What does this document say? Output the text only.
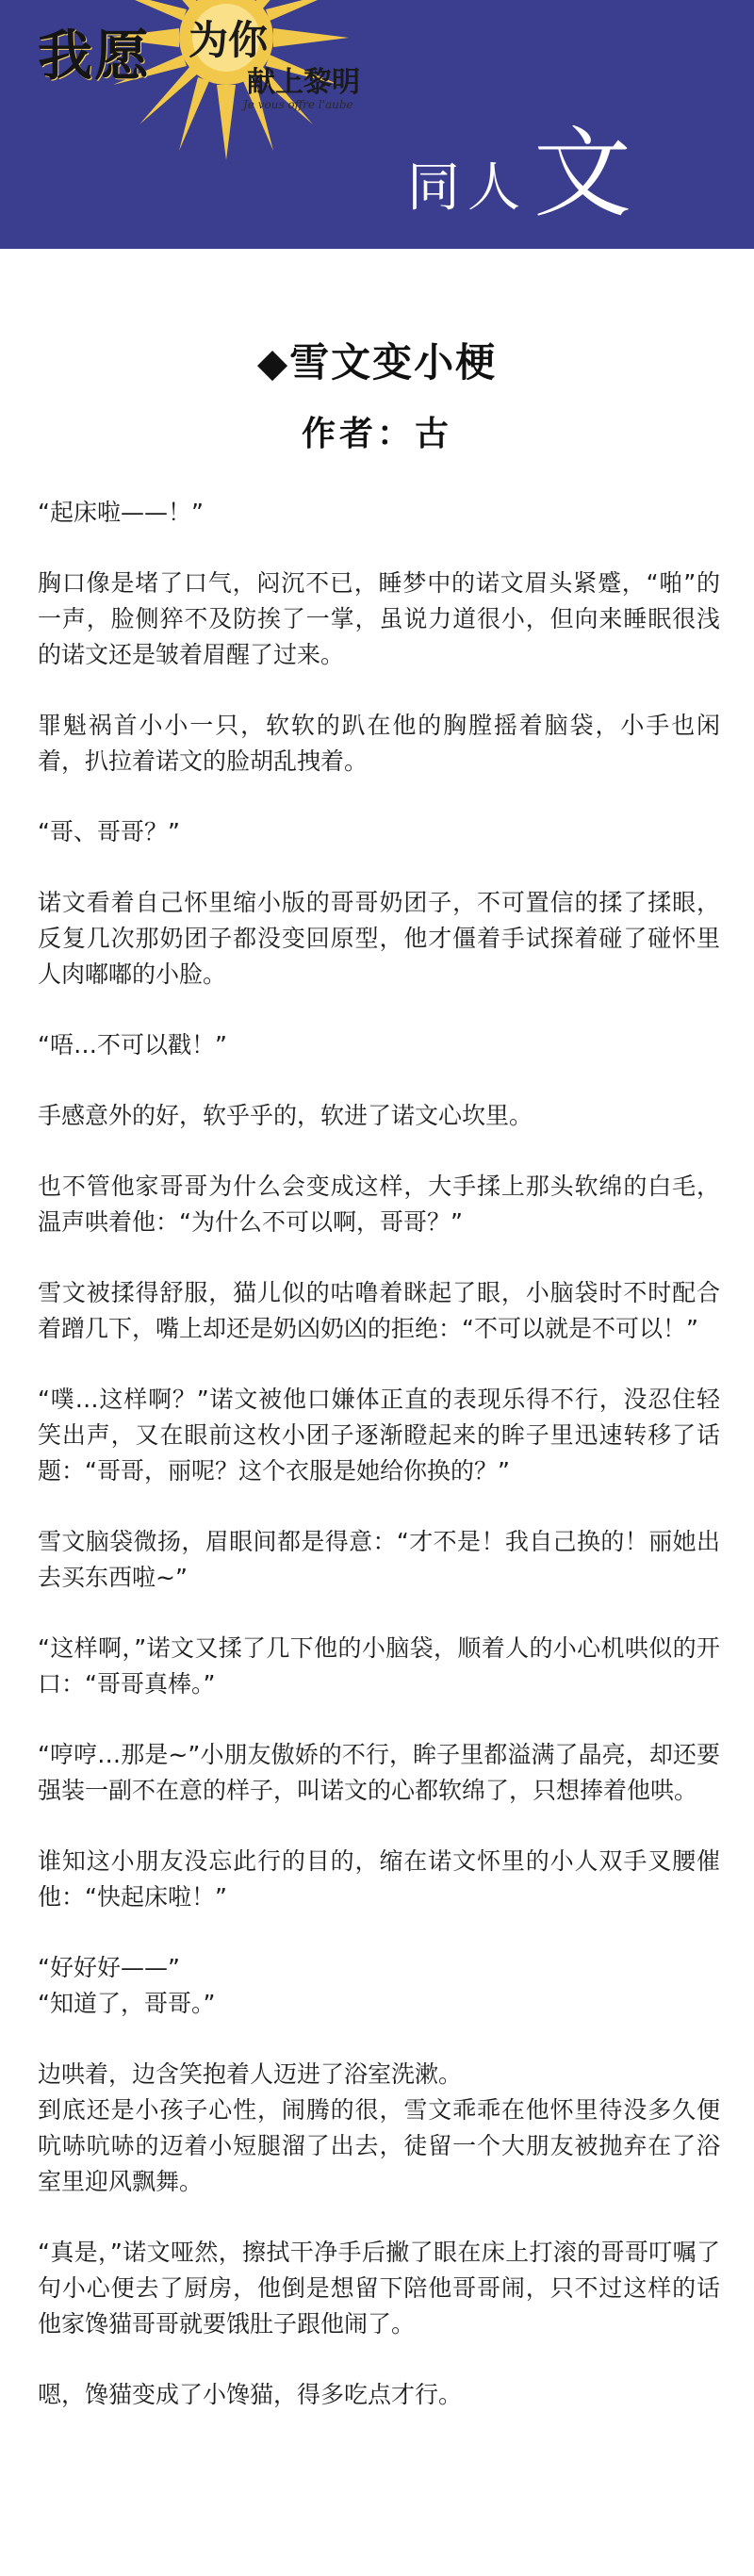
我愿 为你
献上黎明
Je vous offre l'aube
同人 文
◆雪文变小梗
作者：古

“起床啦——！”

胸口像是堵了口气，闷沉不已，睡梦中的诺文眉头紧蹙，“啪”的一声，脸侧猝不及防挨了一掌，虽说力道很小，但向来睡眠很浅的诺文还是皱着眉醒了过来。

罪魁祸首小小一只，软软的趴在他的胸膛摇着脑袋，小手也闲着，扒拉着诺文的脸胡乱拽着。

“哥、哥哥？”

诺文看着自己怀里缩小版的哥哥奶团子，不可置信的揉了揉眼，反复几次那奶团子都没变回原型，他才僵着手试探着碰了碰怀里人肉嘟嘟的小脸。

“唔…不可以戳！”

手感意外的好，软乎乎的，软进了诺文心坎里。

也不管他家哥哥为什么会变成这样，大手揉上那头软绵的白毛，温声哄着他：“为什么不可以啊，哥哥？”

雪文被揉得舒服，猫儿似的咕噜着眯起了眼，小脑袋时不时配合着蹭几下，嘴上却还是奶凶奶凶的拒绝：“不可以就是不可以！”

“噗…这样啊？”诺文被他口嫌体正直的表现乐得不行，没忍住轻笑出声，又在眼前这枚小团子逐渐瞪起来的眸子里迅速转移了话题：“哥哥，丽呢？这个衣服是她给你换的？”

雪文脑袋微扬，眉眼间都是得意：“才不是！我自己换的！丽她出去买东西啦~”

“这样啊，”诺文又揉了几下他的小脑袋，顺着人的小心机哄似的开口：“哥哥真棒。”

“哼哼…那是~”小朋友傲娇的不行，眸子里都溢满了晶亮，却还要强装一副不在意的样子，叫诺文的心都软绵了，只想捧着他哄。

谁知这小朋友没忘此行的目的，缩在诺文怀里的小人双手叉腰催他：“快起床啦！”

“好好好——”
“知道了，哥哥。”

边哄着，边含笑抱着人迈进了浴室洗漱。
到底还是小孩子心性，闹腾的很，雪文乖乖在他怀里待没多久便吭哧吭哧的迈着小短腿溜了出去，徒留一个大朋友被抛弃在了浴室里迎风飘舞。

“真是，”诺文哑然，擦拭干净手后撇了眼在床上打滚的哥哥叮嘱了句小心便去了厨房，他倒是想留下陪他哥哥闹，只不过这样的话他家馋猫哥哥就要饿肚子跟他闹了。

嗯，馋猫变成了小馋猫，得多吃点才行。
